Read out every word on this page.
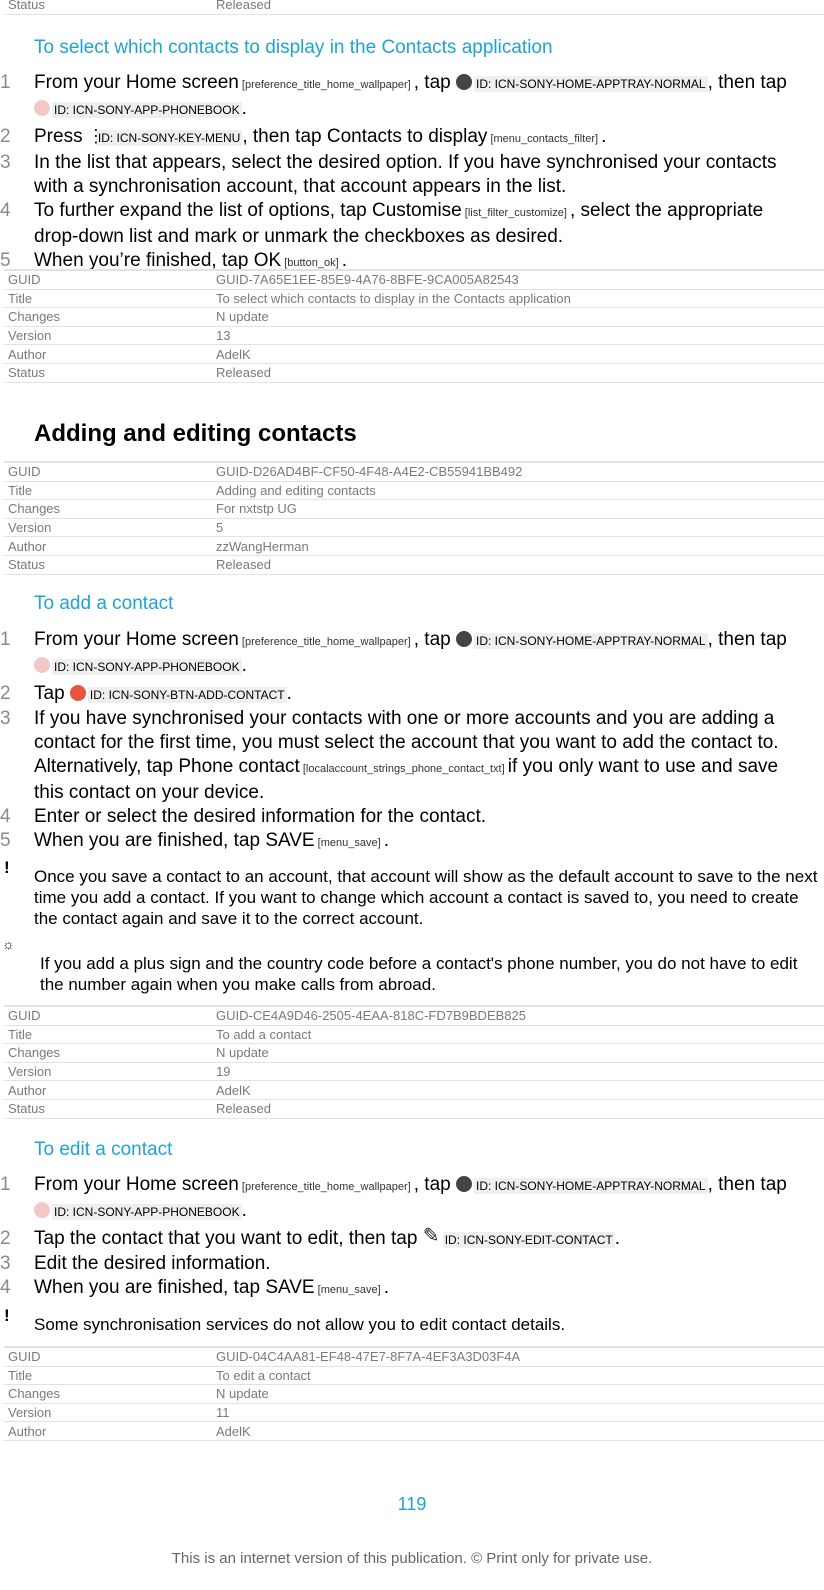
Status	Released
To select which contacts to display in the Contacts application
1 From your Home screen [preference_title_home_wallpaper] , tap ID: ICN-SONY-HOME-APPTRAY-NORMAL , then tap ID: ICN-SONY-APP-PHONEBOOK .
2 Press ⋮ID: ICN-SONY-KEY-MENU , then tap Contacts to display [menu_contacts_filter] .
3 In the list that appears, select the desired option. If you have synchronised your contacts with a synchronisation account, that account appears in the list.
4 To further expand the list of options, tap Customise [list_filter_customize] , select the appropriate drop-down list and mark or unmark the checkboxes as desired.
5 When you’re finished, tap OK [button_ok] .
GUID	GUID-7A65E1EE-85E9-4A76-8BFE-9CA005A82543
Title	To select which contacts to display in the Contacts application
Changes	N update
Version	13
Author	AdelK
Status	Released
Adding and editing contacts
GUID	GUID-D26AD4BF-CF50-4F48-A4E2-CB55941BB492
Title	Adding and editing contacts
Changes	For nxtstp UG
Version	5
Author	zzWangHerman
Status	Released
To add a contact
1 From your Home screen [preference_title_home_wallpaper] , tap ID: ICN-SONY-HOME-APPTRAY-NORMAL , then tap ID: ICN-SONY-APP-PHONEBOOK .
2 Tap ID: ICN-SONY-BTN-ADD-CONTACT .
3 If you have synchronised your contacts with one or more accounts and you are adding a contact for the first time, you must select the account that you want to add the contact to. Alternatively, tap Phone contact [localaccount_strings_phone_contact_txt] if you only want to use and save this contact on your device.
4 Enter or select the desired information for the contact.
5 When you are finished, tap SAVE [menu_save] .
! Once you save a contact to an account, that account will show as the default account to save to the next time you add a contact. If you want to change which account a contact is saved to, you need to create the contact again and save it to the correct account.
☼
If you add a plus sign and the country code before a contact's phone number, you do not have to edit the number again when you make calls from abroad.
GUID	GUID-CE4A9D46-2505-4EAA-818C-FD7B9BDEB825
Title	To add a contact
Changes	N update
Version	19
Author	AdelK
Status	Released
To edit a contact
1 From your Home screen [preference_title_home_wallpaper] , tap ID: ICN-SONY-HOME-APPTRAY-NORMAL , then tap ID: ICN-SONY-APP-PHONEBOOK .
2 Tap the contact that you want to edit, then tap ✎ID: ICN-SONY-EDIT-CONTACT .
3 Edit the desired information.
4 When you are finished, tap SAVE [menu_save] .
! Some synchronisation services do not allow you to edit contact details.
GUID	GUID-04C4AA81-EF48-47E7-8F7A-4EF3A3D03F4A
Title	To edit a contact
Changes	N update
Version	11
Author	AdelK
119
This is an internet version of this publication. © Print only for private use.
